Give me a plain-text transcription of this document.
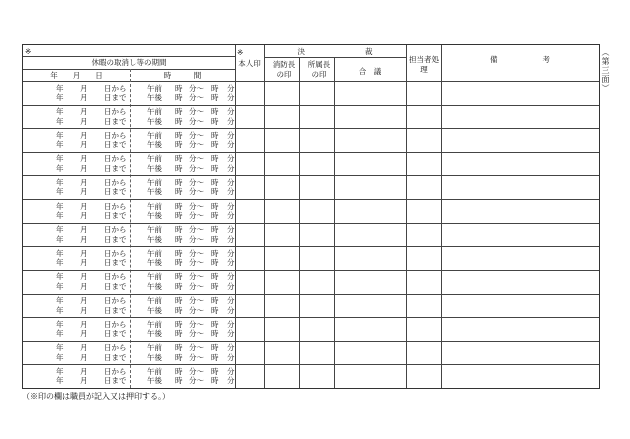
※
休暇の取消し等の期間
年　　月　　日	時　　　間
※
本人印
決　　　　　　　　裁
消防長の印
所属長の印	合　議
担当者処理
備　　　　　　考
年 月 日から
年 月 日まで
午前 時 分〜 時 分
午後 時 分〜 時 分
年 月 日から
年 月 日まで
午前 時 分〜 時 分
午後 時 分〜 時 分
年 月 日から
年 月 日まで
午前 時 分〜 時 分
午後 時 分〜 時 分
年 月 日から
年 月 日まで
午前 時 分〜 時 分
午後 時 分〜 時 分
年 月 日から
年 月 日まで
午前 時 分〜 時 分
午後 時 分〜 時 分
年 月 日から
年 月 日まで
午前 時 分〜 時 分
午後 時 分〜 時 分
年 月 日から
年 月 日まで
午前 時 分〜 時 分
午後 時 分〜 時 分
年 月 日から
年 月 日まで
午前 時 分〜 時 分
午後 時 分〜 時 分
年 月 日から
年 月 日まで
午前 時 分〜 時 分
午後 時 分〜 時 分
年 月 日から
年 月 日まで
午前 時 分〜 時 分
午後 時 分〜 時 分
年 月 日から
年 月 日まで
午前 時 分〜 時 分
午後 時 分〜 時 分
年 月 日から
年 月 日まで
午前 時 分〜 時 分
午後 時 分〜 時 分
年 月 日から
年 月 日まで
午前 時 分〜 時 分
午後 時 分〜 時 分
（※印の欄は職員が記入又は押印する。）
（第三面）
